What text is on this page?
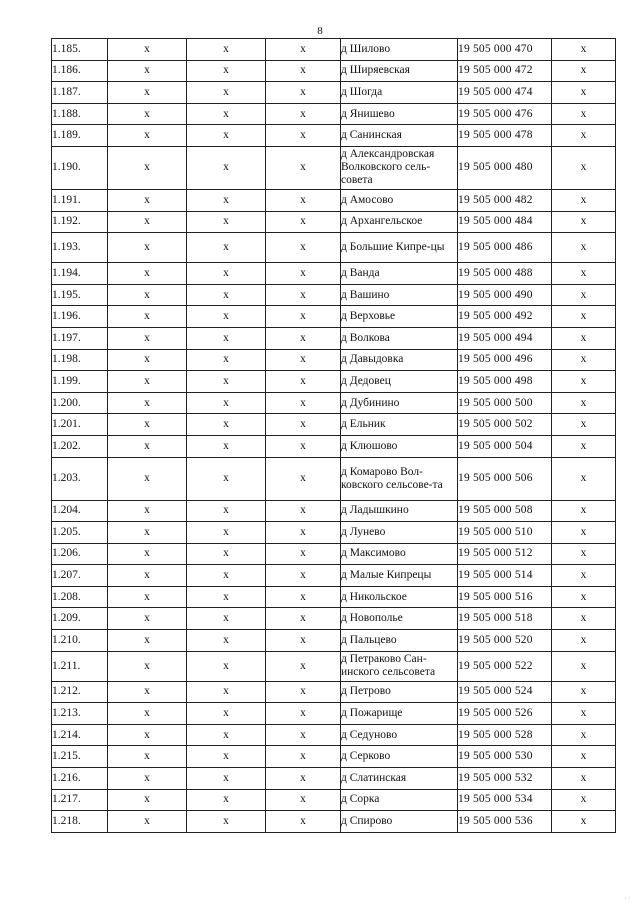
8
1.185.	x	x	x	д Шилово	19 505 000 470	x
1.186.	x	x	x	д Ширяевская	19 505 000 472	x
1.187.	x	x	x	д Шогда	19 505 000 474	x
1.188.	x	x	x	д Янишево	19 505 000 476	x
1.189.	x	x	x	д Санинская	19 505 000 478	x
1.190.	x	x	x	д Александровская Волковского сель-совета	19 505 000 480	x
1.191.	x	x	x	д Амосово	19 505 000 482	x
1.192.	x	x	x	д Архангельское	19 505 000 484	x
1.193.	x	x	x	д Большие Кипре-цы	19 505 000 486	x
1.194.	x	x	x	д Ванда	19 505 000 488	x
1.195.	x	x	x	д Вашино	19 505 000 490	x
1.196.	x	x	x	д Верховье	19 505 000 492	x
1.197.	x	x	x	д Волкова	19 505 000 494	x
1.198.	x	x	x	д Давыдовка	19 505 000 496	x
1.199.	x	x	x	д Дедовец	19 505 000 498	x
1.200.	x	x	x	д Дубинино	19 505 000 500	x
1.201.	x	x	x	д Ельник	19 505 000 502	x
1.202.	x	x	x	д Клюшово	19 505 000 504	x
1.203.	x	x	x	д Комарово Вол-ковского сельсове-та	19 505 000 506	x
1.204.	x	x	x	д Ладышкино	19 505 000 508	x
1.205.	x	x	x	д Лунево	19 505 000 510	x
1.206.	x	x	x	д Максимово	19 505 000 512	x
1.207.	x	x	x	д Малые Кипрецы	19 505 000 514	x
1.208.	x	x	x	д Никольское	19 505 000 516	x
1.209.	x	x	x	д Новополье	19 505 000 518	x
1.210.	x	x	x	д Пальцево	19 505 000 520	x
1.211.	x	x	x	д Петраково Сан-инского сельсовета	19 505 000 522	x
1.212.	x	x	x	д Петрово	19 505 000 524	x
1.213.	x	x	x	д Пожарище	19 505 000 526	x
1.214.	x	x	x	д Седуново	19 505 000 528	x
1.215.	x	x	x	д Серково	19 505 000 530	x
1.216.	x	x	x	д Слатинская	19 505 000 532	x
1.217.	x	x	x	д Сорка	19 505 000 534	x
1.218.	x	x	x	д Спирово	19 505 000 536	x
· ·
